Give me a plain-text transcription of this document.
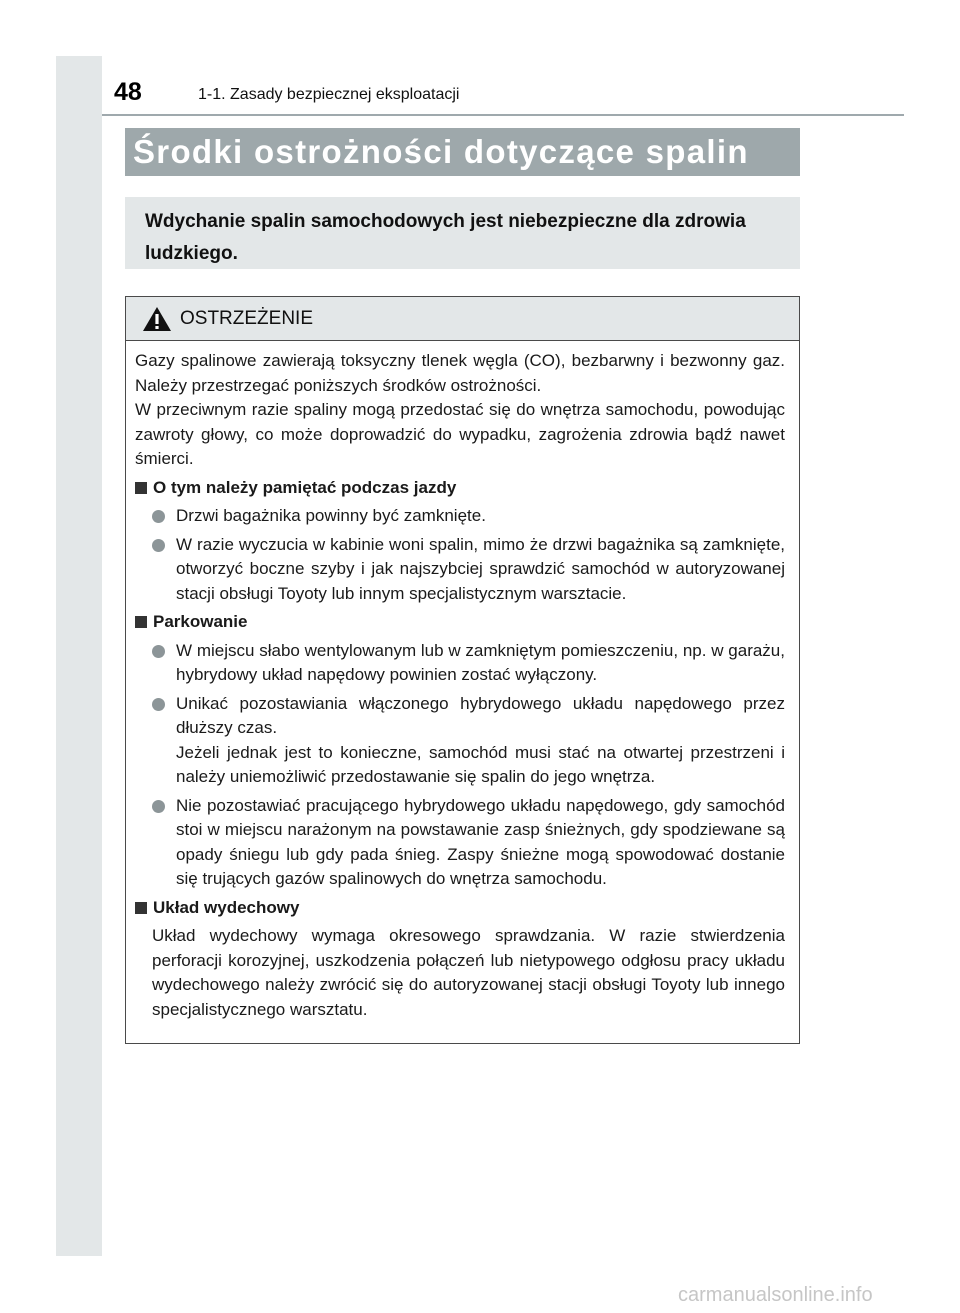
48	1-1. Zasady bezpiecznej eksploatacji
Środki ostrożności dotyczące spalin
Wdychanie spalin samochodowych jest niebezpieczne dla zdrowia ludzkiego.
OSTRZEŻENIE

Gazy spalinowe zawierają toksyczny tlenek węgla (CO), bezbarwny i bezwonny gaz. Należy przestrzegać poniższych środków ostrożności.

W przeciwnym razie spaliny mogą przedostać się do wnętrza samochodu, powodując zawroty głowy, co może doprowadzić do wypadku, zagrożenia zdrowia bądź nawet śmierci.

O tym należy pamiętać podczas jazdy

Drzwi bagażnika powinny być zamknięte.

W razie wyczucia w kabinie woni spalin, mimo że drzwi bagażnika są zamknięte, otworzyć boczne szyby i jak najszybciej sprawdzić samochód w autoryzowanej stacji obsługi Toyoty lub innym specjalistycznym warsztacie.

Parkowanie

W miejscu słabo wentylowanym lub w zamkniętym pomieszczeniu, np. w garażu, hybrydowy układ napędowy powinien zostać wyłączony.

Unikać pozostawiania włączonego hybrydowego układu napędowego przez dłuższy czas.

Jeżeli jednak jest to konieczne, samochód musi stać na otwartej przestrzeni i należy uniemożliwić przedostawanie się spalin do jego wnętrza.

Nie pozostawiać pracującego hybrydowego układu napędowego, gdy samochód stoi w miejscu narażonym na powstawanie zasp śnieżnych, gdy spodziewane są opady śniegu lub gdy pada śnieg. Zaspy śnieżne mogą spowodować dostanie się trujących gazów spalinowych do wnętrza samochodu.

Układ wydechowy
Układ wydechowy wymaga okresowego sprawdzania. W razie stwierdzenia perforacji korozyjnej, uszkodzenia połączeń lub nietypowego odgłosu pracy układu wydechowego należy zwrócić się do autoryzowanej stacji obsługi Toyoty lub innego specjalistycznego warsztatu.
carmanualsonline.info
